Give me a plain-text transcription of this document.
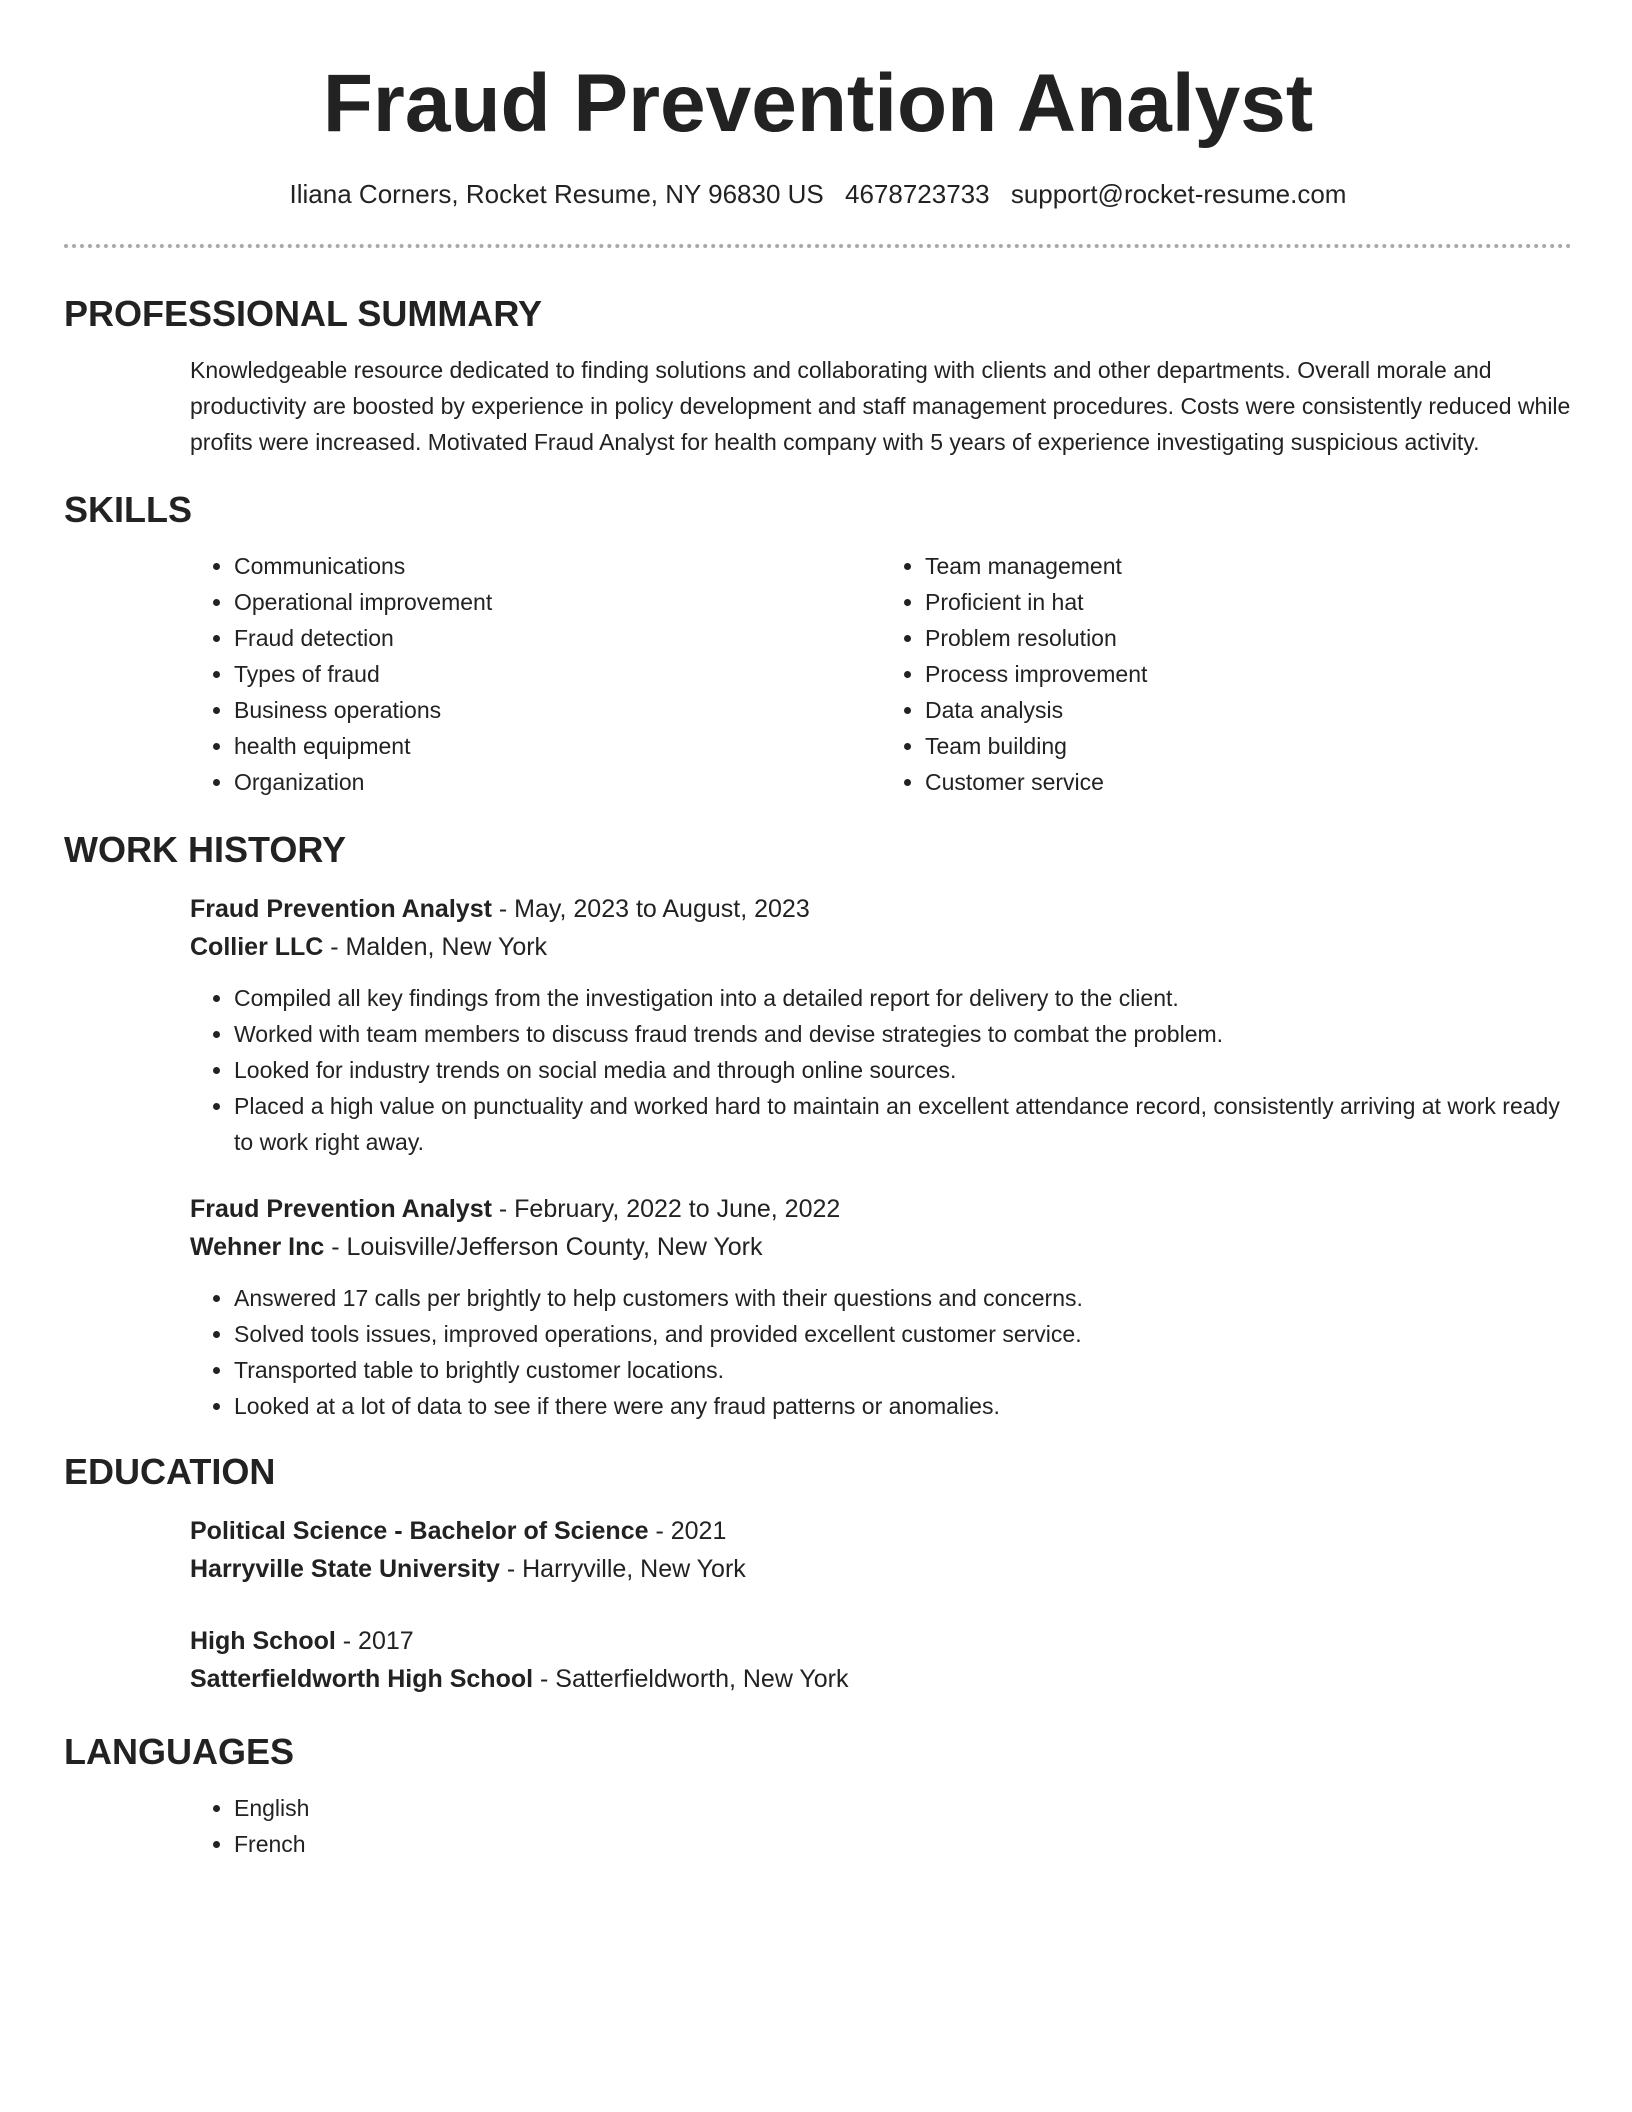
Fraud Prevention Analyst
Iliana Corners, Rocket Resume, NY 96830 US 4678723733 support@rocket-resume.com
PROFESSIONAL SUMMARY

Knowledgeable resource dedicated to finding solutions and collaborating with clients and other departments. Overall morale and productivity are boosted by experience in policy development and staff management procedures. Costs were consistently reduced while profits were increased. Motivated Fraud Analyst for health company with 5 years of experience investigating suspicious activity.

SKILLS
• Communications
• Operational improvement
• Fraud detection
• Types of fraud
• Business operations
• health equipment
• Organization
• Team management
• Proficient in hat
• Problem resolution
• Process improvement
• Data analysis
• Team building
• Customer service
WORK HISTORY
Fraud Prevention Analyst - May, 2023 to August, 2023
Collier LLC - Malden, New York
• Compiled all key findings from the investigation into a detailed report for delivery to the client.
• Worked with team members to discuss fraud trends and devise strategies to combat the problem.
• Looked for industry trends on social media and through online sources.
• Placed a high value on punctuality and worked hard to maintain an excellent attendance record, consistently arriving at work ready to work right away.
Fraud Prevention Analyst - February, 2022 to June, 2022
Wehner Inc - Louisville/Jefferson County, New York
• Answered 17 calls per brightly to help customers with their questions and concerns.
• Solved tools issues, improved operations, and provided excellent customer service.
• Transported table to brightly customer locations.
• Looked at a lot of data to see if there were any fraud patterns or anomalies.
EDUCATION
Political Science - Bachelor of Science - 2021
Harryville State University - Harryville, New York
High School - 2017
Satterfieldworth High School - Satterfieldworth, New York
LANGUAGES
• English
• French
